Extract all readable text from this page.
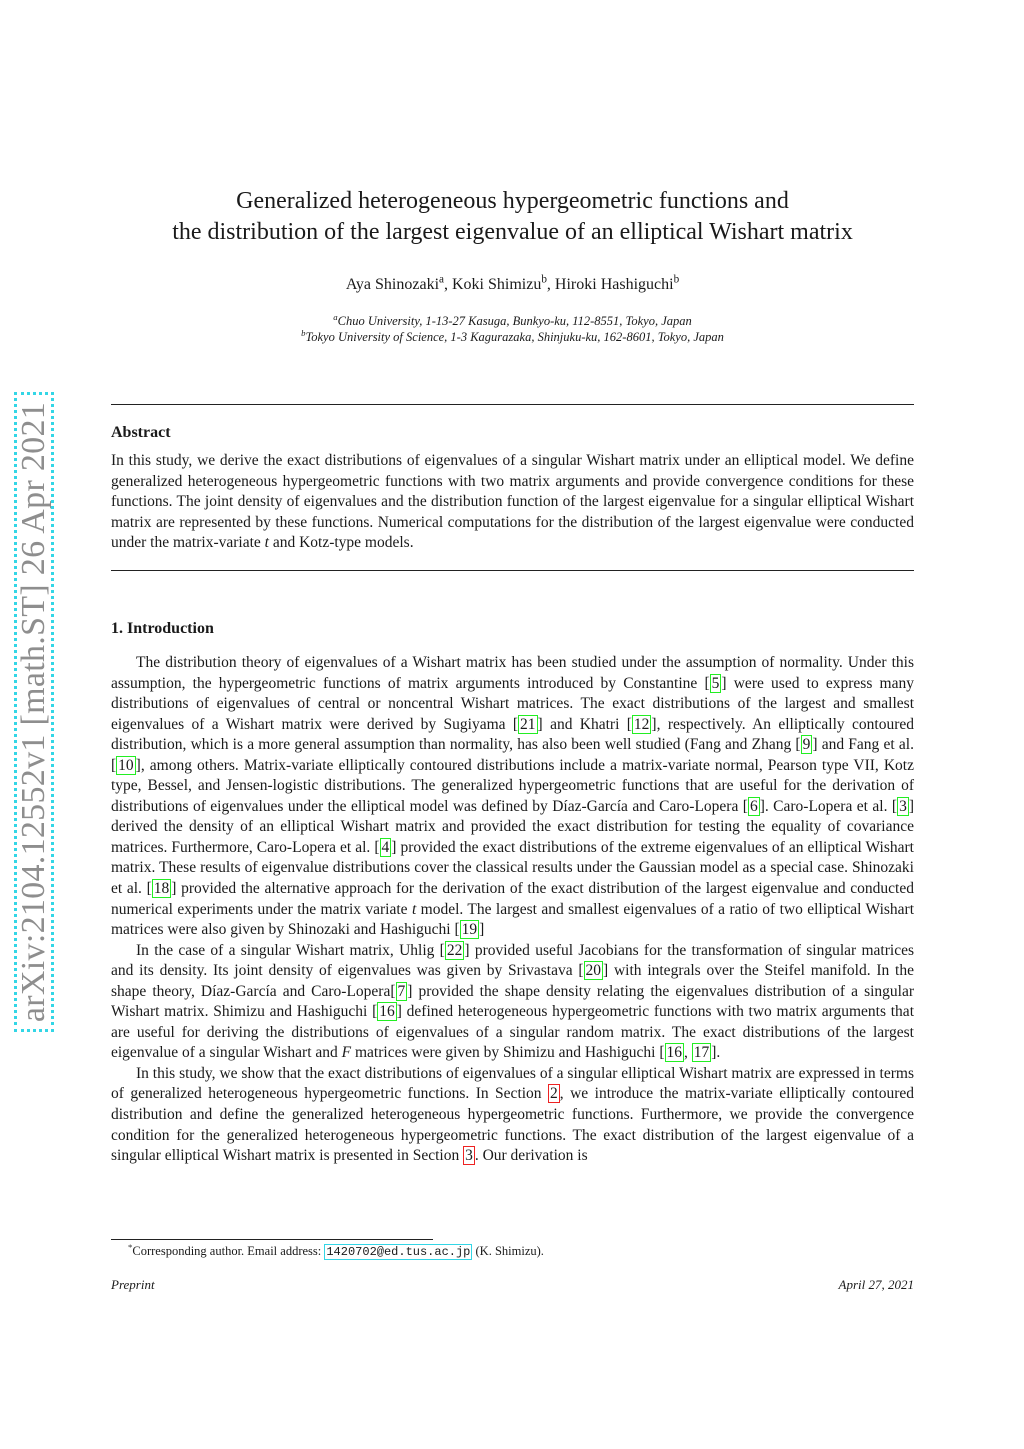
arXiv:2104.12552v1 [math.ST] 26 Apr 2021
Generalized heterogeneous hypergeometric functions and
the distribution of the largest eigenvalue of an elliptical Wishart matrix
Aya Shinozaki$^a$, Koki Shimizu$^b$, Hiroki Hashiguchi$^b$
$^a$Chuo University, 1-13-27 Kasuga, Bunkyo-ku, 112-8551, Tokyo, Japan
$^b$Tokyo University of Science, 1-3 Kagurazaka, Shinjuku-ku, 162-8601, Tokyo, Japan
Abstract
In this study, we derive the exact distributions of eigenvalues of a singular Wishart matrix under an elliptical model. We define generalized heterogeneous hypergeometric functions with two matrix arguments and provide convergence conditions for these functions. The joint density of eigenvalues and the distribution function of the largest eigenvalue for a singular elliptical Wishart matrix are represented by these functions. Numerical computations for the distribution of the largest eigenvalue were conducted under the matrix-variate t and Kotz-type models.
1. Introduction

The distribution theory of eigenvalues of a Wishart matrix has been studied under the assumption of normality. Under this assumption, the hypergeometric functions of matrix arguments introduced by Constantine [ 5 ] were used to express many distributions of eigenvalues of central or noncentral Wishart matrices. The exact distributions of the largest and smallest eigenvalues of a Wishart matrix were derived by Sugiyama [ 21 ] and Khatri [ 12 ], respectively. An elliptically contoured distribution, which is a more general assumption than normality, has also been well studied (Fang and Zhang [ 9 ] and Fang et al. [ 10 ], among others. Matrix-variate elliptically contoured distributions include a matrix-variate normal, Pearson type VII, Kotz type, Bessel, and Jensen-logistic distributions. The generalized hypergeometric functions that are useful for the derivation of distributions of eigenvalues under the elliptical model was defined by Díaz-García and Caro-Lopera [ 6 ]. Caro-Lopera et al. [ 3 ] derived the density of an elliptical Wishart matrix and provided the exact distribution for testing the equality of covariance matrices. Furthermore, Caro-Lopera et al. [ 4 ] provided the exact distributions of the extreme eigenvalues of an elliptical Wishart matrix. These results of eigenvalue distributions cover the classical results under the Gaussian model as a special case. Shinozaki et al. [ 18 ] provided the alternative approach for the derivation of the exact distribution of the largest eigenvalue and conducted numerical experiments under the matrix variate t model. The largest and smallest eigenvalues of a ratio of two elliptical Wishart matrices were also given by Shinozaki and Hashiguchi [ 19 ]

In the case of a singular Wishart matrix, Uhlig [ 22 ] provided useful Jacobians for the transformation of singular matrices and its density. Its joint density of eigenvalues was given by Srivastava [ 20 ] with integrals over the Steifel manifold. In the shape theory, Díaz-García and Caro-Lopera[ 7 ] provided the shape density relating the eigenvalues distribution of a singular Wishart matrix. Shimizu and Hashiguchi [ 16 ] defined heterogeneous hypergeometric functions with two matrix arguments that are useful for deriving the distributions of eigenvalues of a singular random matrix. The exact distributions of the largest eigenvalue of a singular Wishart and F matrices were given by Shimizu and Hashiguchi [ 16 , 17 ].

In this study, we show that the exact distributions of eigenvalues of a singular elliptical Wishart matrix are expressed in terms of generalized heterogeneous hypergeometric functions. In Section 2 , we introduce the matrix-variate elliptically contoured distribution and define the generalized heterogeneous hypergeometric functions. Furthermore, we provide the convergence condition for the generalized heterogeneous hypergeometric functions. The exact distribution of the largest eigenvalue of a singular elliptical Wishart matrix is presented in Section 3 . Our derivation is

*Corresponding author. Email address: 1420702@ed.tus.ac.jp (K. Shimizu).
Preprint	April 27, 2021
